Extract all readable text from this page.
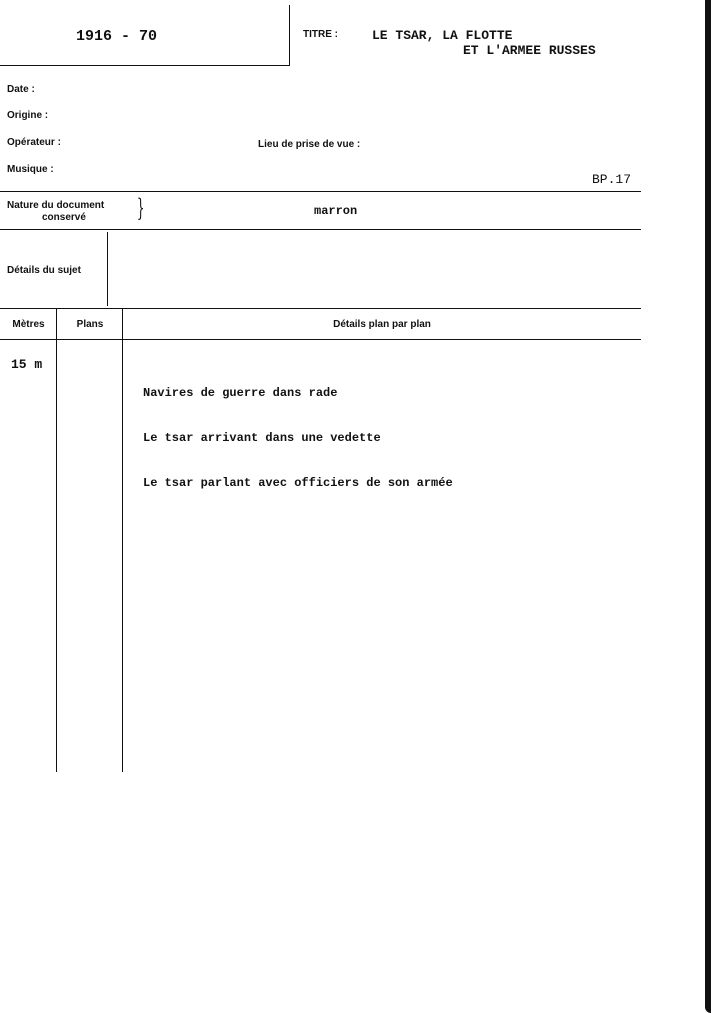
1916 - 70	TITRE :	LE TSAR, LA FLOTTE
ET L'ARMEE RUSSES
Date :
Origine :
Opérateur :	Lieu de prise de vue :
Musique :
BP.17
Nature du document
conservé	}	marron
Détails du sujet
Mètres	Plans	Détails plan par plan
15 m

Navires de guerre dans rade

Le tsar arrivant dans une vedette

Le tsar parlant avec officiers de son armée
